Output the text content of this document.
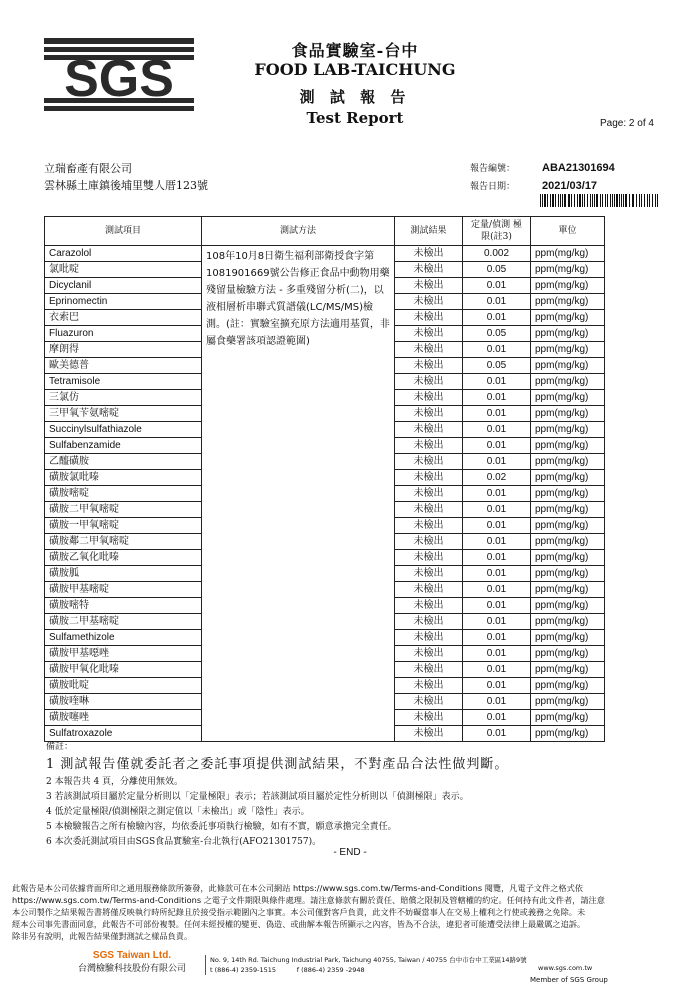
SGS	食品實驗室-台中
FOOD LAB-TAICHUNG
測 試 報 告
Test Report	Page: 2 of 4
立瑞畜產有限公司
雲林縣土庫鎮後埔里雙人厝123號
報告編號： ABA21301694
報告日期： 2021/03/17
測試項目	測試方法	測試結果	定量/偵測 極限(註3)	單位
Carazolol	108年10月8日衛生福利部衛授食字第1081901669號公告修正食品中動物用藥殘留量檢驗方法 - 多重殘留分析(二)，以液相層析串聯式質譜儀(LC/MS/MS)檢測。(註：實驗室擴充原方法適用基質，非屬食藥署該項認證範圍)	未檢出	0.002	ppm(mg/kg)
氯吡啶		未檢出	0.05	ppm(mg/kg)
Dicyclanil		未檢出	0.01	ppm(mg/kg)
Eprinomectin		未檢出	0.01	ppm(mg/kg)
衣索巴		未檢出	0.01	ppm(mg/kg)
Fluazuron		未檢出	0.05	ppm(mg/kg)
摩朗得		未檢出	0.01	ppm(mg/kg)
歐美德普		未檢出	0.05	ppm(mg/kg)
Tetramisole		未檢出	0.01	ppm(mg/kg)
三氯仿		未檢出	0.01	ppm(mg/kg)
三甲氧苄氨嘧啶		未檢出	0.01	ppm(mg/kg)
Succinylsulfathiazole		未檢出	0.01	ppm(mg/kg)
Sulfabenzamide		未檢出	0.01	ppm(mg/kg)
乙醯磺胺		未檢出	0.01	ppm(mg/kg)
磺胺氯吡嗪		未檢出	0.02	ppm(mg/kg)
磺胺嘧啶		未檢出	0.01	ppm(mg/kg)
磺胺二甲氧嘧啶		未檢出	0.01	ppm(mg/kg)
磺胺一甲氧嘧啶		未檢出	0.01	ppm(mg/kg)
磺胺鄰二甲氧嘧啶		未檢出	0.01	ppm(mg/kg)
磺胺乙氧化吡嗪		未檢出	0.01	ppm(mg/kg)
磺胺胍		未檢出	0.01	ppm(mg/kg)
磺胺甲基嘧啶		未檢出	0.01	ppm(mg/kg)
磺胺嘧特		未檢出	0.01	ppm(mg/kg)
磺胺二甲基嘧啶		未檢出	0.01	ppm(mg/kg)
Sulfamethizole		未檢出	0.01	ppm(mg/kg)
磺胺甲基噁唑		未檢出	0.01	ppm(mg/kg)
磺胺甲氧化吡嗪		未檢出	0.01	ppm(mg/kg)
磺胺吡啶		未檢出	0.01	ppm(mg/kg)
磺胺喹啉		未檢出	0.01	ppm(mg/kg)
磺胺噻唑		未檢出	0.01	ppm(mg/kg)
Sulfatroxazole		未檢出	0.01	ppm(mg/kg)
備註：
1 測試報告僅就委託者之委託事項提供測試結果，不對產品合法性做判斷。
2 本報告共 4 頁，分離使用無效。
3 若該測試項目屬於定量分析則以「定量極限」表示；若該測試項目屬於定性分析則以「偵測極限」表示。
4 低於定量極限/偵測極限之測定值以「未檢出」或「陰性」表示。
5 本檢驗報告之所有檢驗內容，均依委託事項執行檢驗，如有不實，願意承擔完全責任。
6 本次委託測試項目由SGS食品實驗室-台北執行(AFO21301757)。
- END -
此報告是本公司依據背面所印之通用服務條款所簽發，此條款可在本公司網站 https://www.sgs.com.tw/Terms-and-Conditions 閱覽，凡電子文件之格式依
https://www.sgs.com.tw/Terms-and-Conditions 之電子文件期限與條件處理。請注意條款有關於責任、賠償之限制及管轄權的約定。任何持有此文件者，請注意
本公司製作之結果報告書將僅反映執行時所紀錄且於接受指示範圍內之事實。本公司僅對客戶負責，此文件不妨礙當事人在交易上權利之行使或義務之免除。未
經本公司事先書面同意，此報告不可部份複製。任何未經授權的變更、偽造、或曲解本報告所顯示之內容，皆為不合法，違犯者可能遭受法律上最嚴厲之追訴。
除非另有說明，此報告結果僅對測試之樣品負責。
SGS Taiwan Ltd.
台灣檢驗科技股份有限公司
No. 9, 14th Rd. Taichung Industrial Park, Taichung 40755, Taiwan / 40755 台中市台中工業區14路9號
t (886-4) 2359-1515	f (886-4) 2359 -2948	www.sgs.com.tw
Member of SGS Group
